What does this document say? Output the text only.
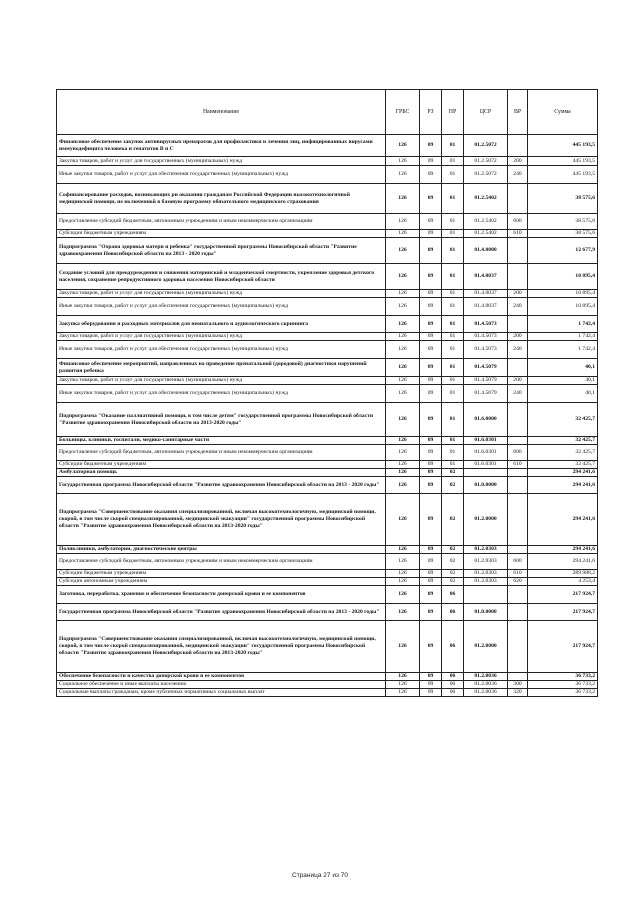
Наименование	ГРБС	РЗ	ПР	ЦСР	ВР	Сумма
Финансовое обеспечение закупок антивирусных препаратов для профилактики и лечения лиц, инфицированных вирусами иммунодефицита человека и гепатитов В и С	126	09	01	01.2.5072		445 193,5
Закупка товаров, работ и услуг для государственных (муниципальных) нужд	126	09	01	01.2.5072	200	445 193,5
Иные закупки товаров, работ и услуг для обеспечения государственных (муниципальных) нужд	126	09	01	01.2.5072	240	445 193,5
Софинансирование расходов, возникающих ри оказании гражданам Российской Федерации высокотехнологичной медицинской помощи, не включенной в базовую программу обязательного медицинского страхования	126	09	01	01.2.5402		38 575,6
Предоставление субсидий бюджетным, автономным учреждениям и иным некоммерческим организациям	126	09	01	01.2.5402	600	38 575,6
Субсидии бюджетным учреждениям	126	09	01	01.2.5402	610	38 575,6
Подпрограмма "Охрана здоровья матери и ребенка" государственной программы Новосибирской области "Развитие здравоохранения Новосибирской области на 2013 - 2020 годы"	126	09	01	01.4.0000		12 677,9
Создание условий для преодуреждения и снижения материнской и младенческой смертности, укрепление здоровья детского населения, сохранение репродуктивного здоровья населения Новосибирской области	126	09	01	01.4.0037		10 895,4
Закупка товаров, работ и услуг для государственных (муниципальных) нужд	126	09	01	01.4.0037	200	10 895,4
Иные закупки товаров, работ и услуг для обеспечения государственных (муниципальных) нужд	126	09	01	01.4.0037	240	10 895,4
Закупка оборудования и расходных материалов для неонатального и аудиологического скрининга	126	09	01	01.4.5073		1 742,4
Закупка товаров, работ и услуг для государственных (муниципальных) нужд	126	09	01	01.4.5073	200	1 742,4
Иные закупки товаров, работ и услуг для обеспечения государственных (муниципальных) нужд	126	09	01	01.4.5073	240	1 742,4
Финансовое обеспечение мероприятий, направленных на проведение пренатальной (дородовой) диагностики нарушений развития ребенка	126	09	01	01.4.5079		40,1
Закупка товаров, работ и услуг для государственных (муниципальных) нужд	126	09	01	01.4.5079	200	40,1
Иные закупки товаров, работ и услуг для обеспечения государственных (муниципальных) нужд	126	09	01	01.4.5079	240	40,1
Подпрограмма "Оказание паллиативной помощи, в том числе детям" государственной программы Новосибирской области "Развитие здравоохранения Новосибирской области на 2013-2020 годы"	126	09	01	01.6.0000		32 425,7
Больницы, клиники, госпитали, медико-санитарные части	126	09	01	01.6.0301		32 425,7
Предоставление субсидий бюджетным, автономным учреждениям и иным некоммерческим организациям	126	09	01	01.6.0301	600	32 425,7
Субсидии бюджетным учреждениям	126	09	01	01.6.0301	610	32 425,7
Амбулаторная помощь	126	09	02			294 241,6
Государственная программа Новосибирской области "Развитие здравоохранения Новосибирской области на 2013 - 2020 годы"	126	09	02	01.0.0000		294 241,6
Подпрограмма "Совершенствование оказания специализированной, включая высокотехнологичную, медицинской помощи, скорой, в том числе скорой специализированной, медицинской эвакуации" государственной программы Новосибирской области "Развитие здравоохранения Новосибирской области на 2013-2020 годы"	126	09	02	01.2.0000		294 241,6
Поликлиники, амбулатории, диагностические центры	126	09	02	01.2.0303		294 241,6
Предоставление субсидий бюджетным, автономным учреждениям и иным некоммерческим организациям	126	09	02	01.2.0303	600	294 241,6
Субсидии бюджетным учреждениям	126	09	02	01.2.0303	610	289 988,2
Субсидии автономным учреждениям	126	09	02	01.2.0303	620	4 253,4
Заготовка, переработка, хранение и обеспечение безопасности донорской крови и ее компонентов	126	09	06			217 924,7
Государственная программа Новосибирской области "Развитие здравоохранения Новосибирской области на 2013 - 2020 годы"	126	09	06	01.0.0000		217 924,7
Подпрограмма "Совершенствование оказания специализированной, включая высокотехнологичную, медицинской помощи, скорой, в том числе скорой специализированной, медицинской эвакуации" государственной программы Новосибирской области "Развитие здравоохранения Новосибирской области на 2013-2020 годы"	126	09	06	01.2.0000		217 924,7
Обеспечение безопасности и качества донорской крови и ее компонентов	126	09	06	01.2.0036		36 733,2
Социальное обеспечение и иные выплаты населению	126	09	06	01.2.0036	300	36 733,2
Социальные выплаты гражданам, кроме публичных нормативных социальных выплат	126	09	06	01.2.0036	320	36 733,2
Страница 27 из 70
